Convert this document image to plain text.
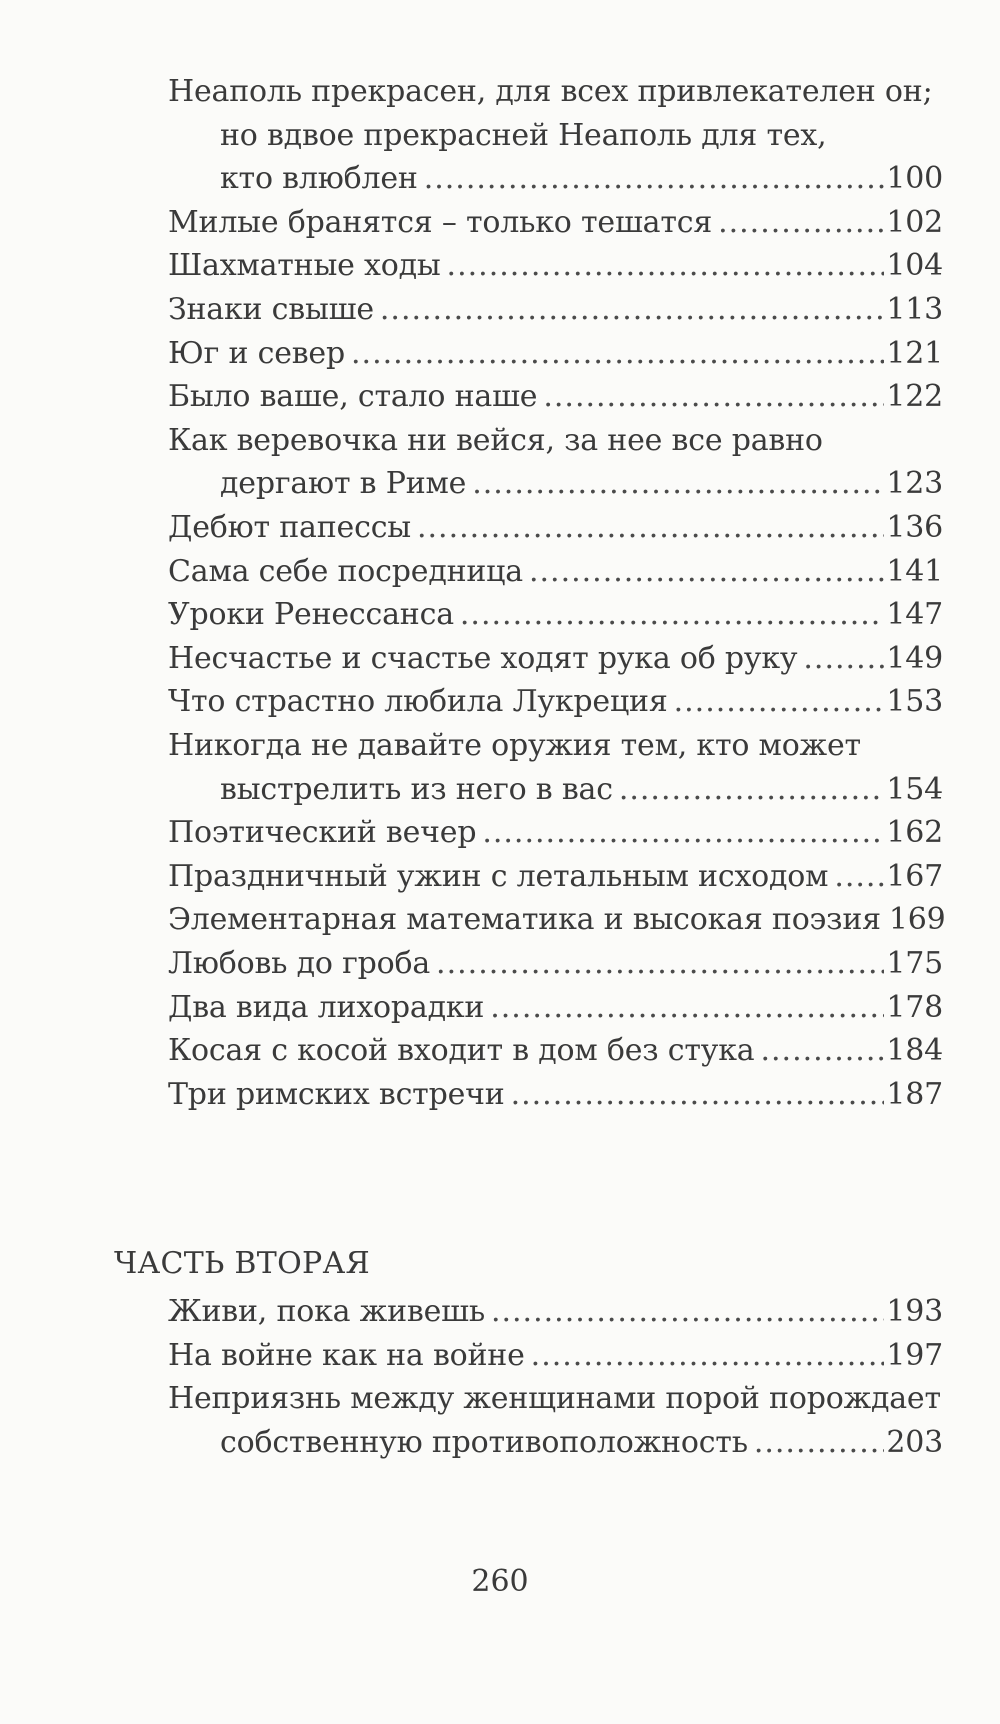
Неаполь прекрасен, для всех привлекателен он;
но вдвое прекрасней Неаполь для тех,
кто влюблен .....	100
Милые бранятся – только тешатся .....	102
Шахматные ходы .....	104
Знаки свыше .....	113
Юг и север .....	121
Было ваше, стало наше .....	122
Как веревочка ни вейся, за нее все равно
дергают в Риме .....	123
Дебют папессы .....	136
Сама себе посредница .....	141
Уроки Ренессанса .....	147
Несчастье и счастье ходят рука об руку .....	149
Что страстно любила Лукреция .....	153
Никогда не давайте оружия тем, кто может
выстрелить из него в вас .....	154
Поэтический вечер .....	162
Праздничный ужин с летальным исходом ..... 167
Элементарная математика и высокая поэзия 169
Любовь до гроба .....	175
Два вида лихорадки .....	178
Косая с косой входит в дом без стука .....	184
Три римских встречи .....	187
Живи, пока живешь .....	193
На войне как на войне .....	197
Неприязнь между женщинами порой порождает
собственную противоположность .....	203
ЧАСТЬ ВТОРАЯ
260
